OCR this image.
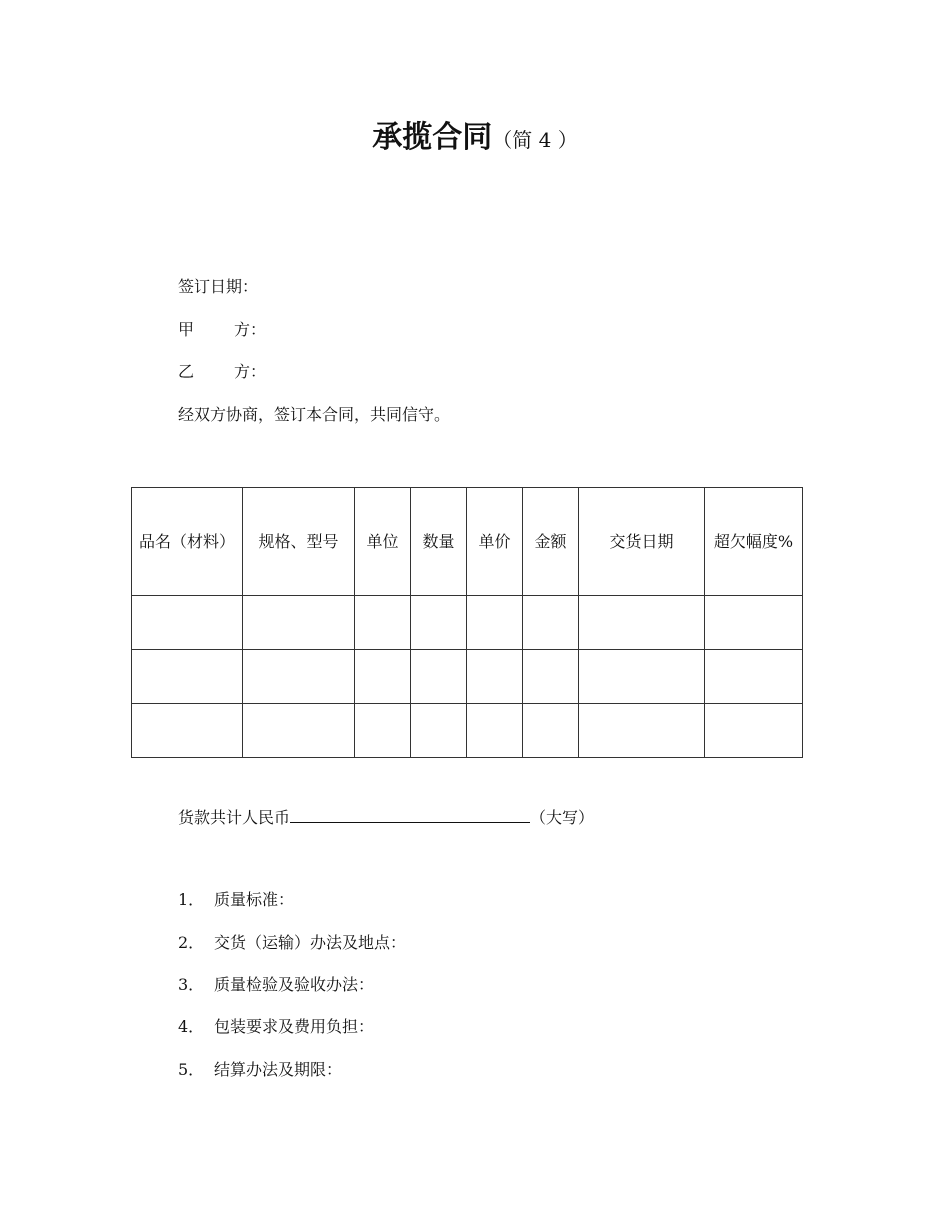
承揽合同（简 4 ）
签订日期：
甲 方：
乙 方：
经双方协商，签订本合同，共同信守。
品名（材料）	规格、型号	单位	数量	单价	金额	交货日期	超欠幅度%

货款共计人民币	（大写）
1． 质量标准：
2． 交货（运输）办法及地点：
3． 质量检验及验收办法：
4． 包装要求及费用负担：
5． 结算办法及期限：
